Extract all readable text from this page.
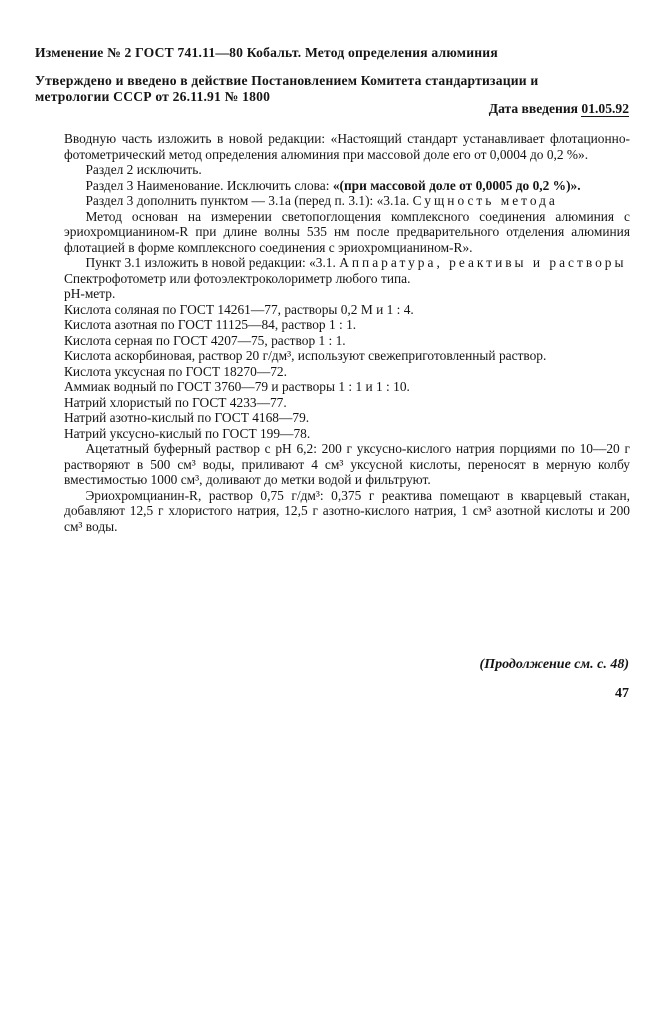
Изменение № 2 ГОСТ 741.11—80 Кобальт. Метод определения алюминия
Утверждено и введено в действие Постановлением Комитета стандартизации и
метрологии СССР от 26.11.91 № 1800
Дата введения 01.05.92

Вводную часть изложить в новой редакции: «Настоящий стандарт устанавливает флотационно-фотометрический метод определения алюминия при массовой доле его от 0,0004 до 0,2 %».

Раздел 2 исключить.

Раздел 3 Наименование. Исключить слова: «(при массовой доле от 0,0005 до 0,2 %)».

Раздел 3 дополнить пунктом — 3.1а (перед п. 3.1): «3.1а. Сущность метода

Метод основан на измерении светопоглощения комплексного соединения алюминия с эриохромцианином-R при длине волны 535 нм после предварительного отделения алюминия флотацией в форме комплексного соединения с эриохромцианином-R».

Пункт 3.1 изложить в новой редакции: «3.1. Аппаратура, реактивы и растворы

Спектрофотометр или фотоэлектроколориметр любого типа.

pH-метр.

Кислота соляная по ГОСТ 14261—77, растворы 0,2 М и 1 : 4.

Кислота азотная по ГОСТ 11125—84, раствор 1 : 1.

Кислота серная по ГОСТ 4207—75, раствор 1 : 1.

Кислота аскорбиновая, раствор 20 г/дм³, используют свежеприготовленный раствор.

Кислота уксусная по ГОСТ 18270—72.

Аммиак водный по ГОСТ 3760—79 и растворы 1 : 1 и 1 : 10.

Натрий хлористый по ГОСТ 4233—77.

Натрий азотно-кислый по ГОСТ 4168—79.

Натрий уксусно-кислый по ГОСТ 199—78.

Ацетатный буферный раствор с pH 6,2: 200 г уксусно-кислого натрия порциями по 10—20 г растворяют в 500 см³ воды, приливают 4 см³ уксусной кислоты, переносят в мерную колбу вместимостью 1000 см³, доливают до метки водой и фильтруют.

Эриохромцианин-R, раствор 0,75 г/дм³: 0,375 г реактива помещают в кварцевый стакан, добавляют 12,5 г хлористого натрия, 12,5 г азотно-кислого натрия, 1 см³ азотной кислоты и 200 см³ воды.

(Продолжение см. с. 48)
47
